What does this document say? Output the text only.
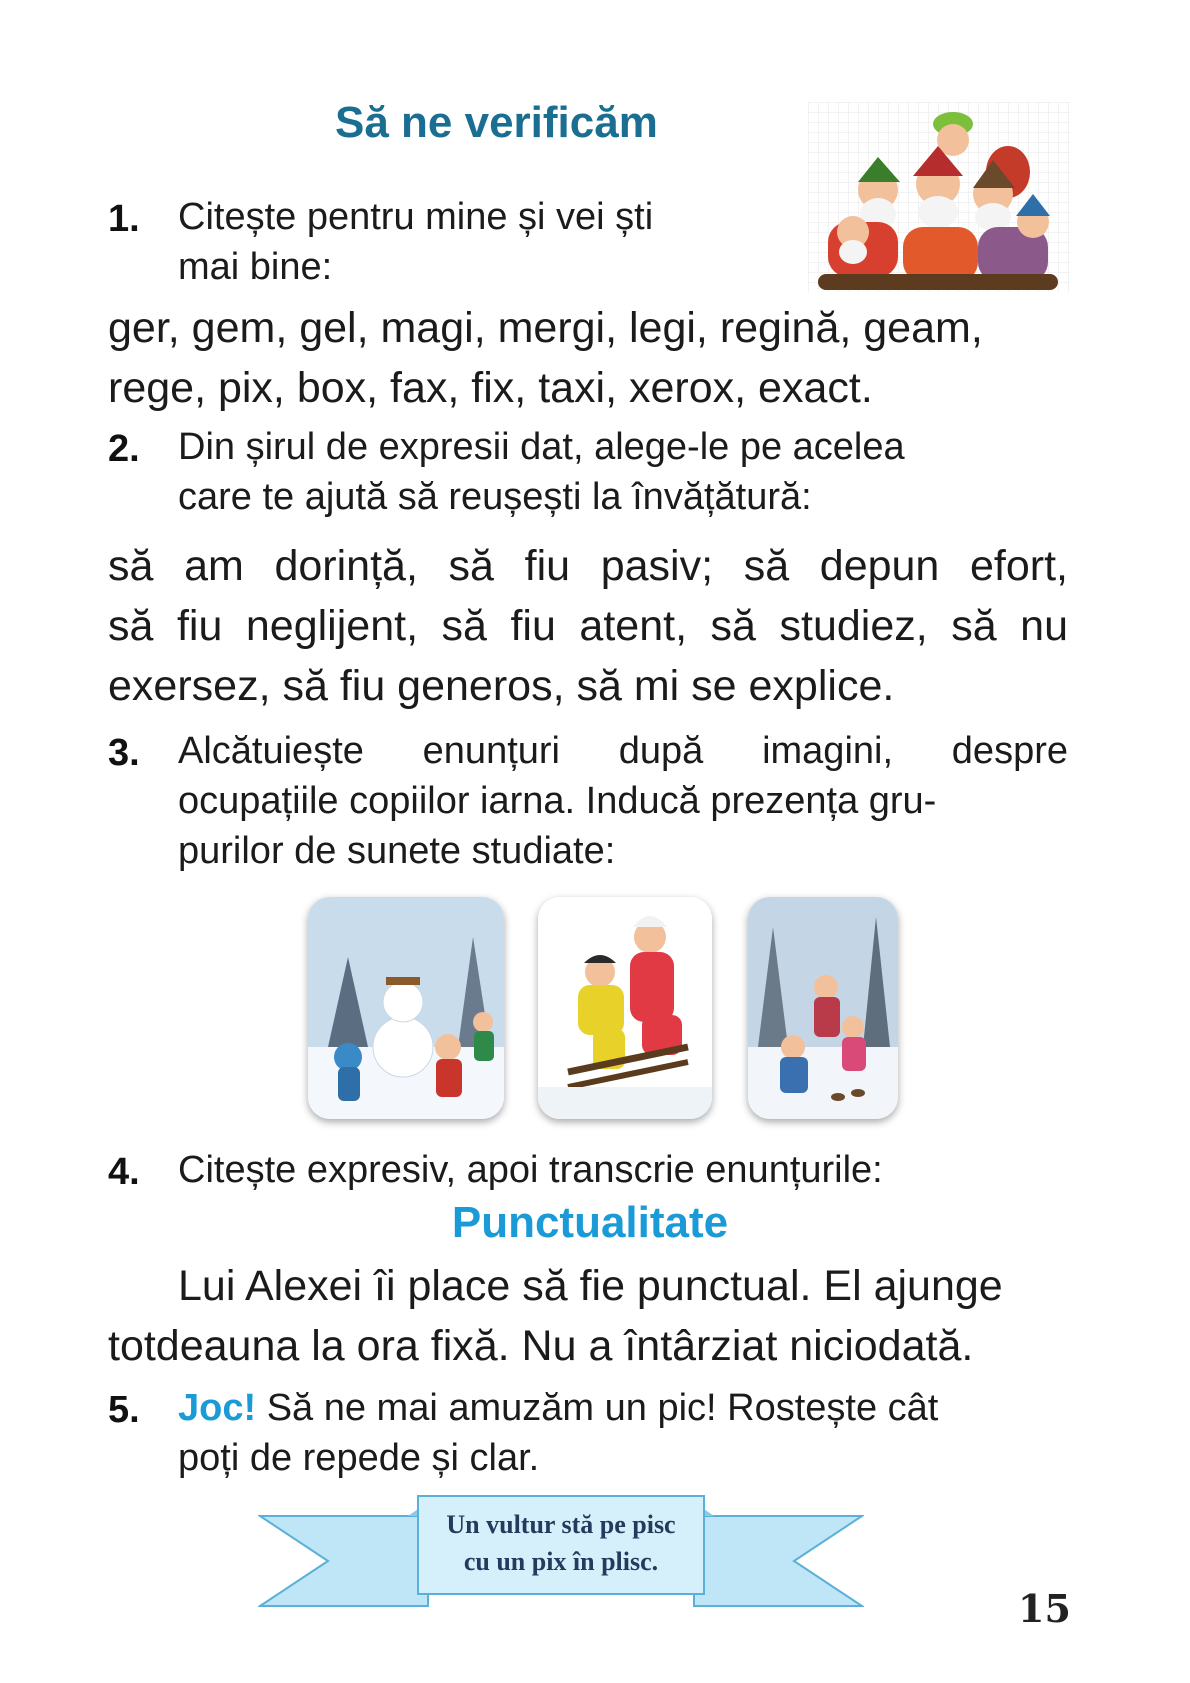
Să ne verificăm
1. Citește pentru mine și vei ști
mai bine:
ger, gem, gel, magi, mergi, legi, regină, geam,
rege, pix, box, fax, fix, taxi, xerox, exact.
2. Din șirul de expresii dat, alege-le pe acelea
care te ajută să reușești la învățătură:
să am dorință, să fiu pasiv; să depun efort,
să fiu neglijent, să fiu atent, să studiez, să nu
exersez, să fiu generos, să mi se explice.
3. Alcătuiește enunțuri după imagini, despre
ocupațiile copiilor iarna. Inducă prezența gru-
purilor de sunete studiate:
4. Citește expresiv, apoi transcrie enunțurile:
Punctualitate
Lui Alexei îi place să fie punctual. El ajunge
totdeauna la ora fixă. Nu a întârziat niciodată.
5. Joc! Să ne mai amuzăm un pic! Rostește cât
poți de repede și clar.
Un vultur stă pe pisc
cu un pix în plisc.
15
